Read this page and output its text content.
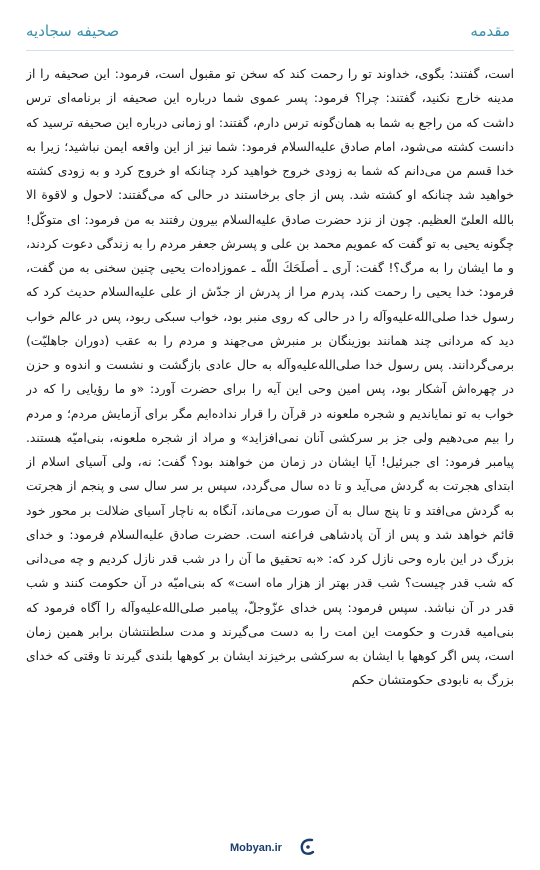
مقدمه
صحیفه سجادیه

است، گفتند: بگوی، خداوند تو را رحمت کند که سخن تو مقبول است، فرمود: این صحیفه را از مدینه خارج نکنید، گفتند: چرا؟ فرمود: پسر عموی شما درباره این صحیفه از برنامه‌ای ترس داشت که من راجع به شما به همان‌گونه ترس دارم، گفتند: او زمانی درباره این صحیفه ترسید که دانست کشته می‌شود، امام صادق علیه‌السلام فرمود: شما نیز از این واقعه ایمن نباشید؛ زیرا به خدا قسم من می‌دانم که شما به زودی خروج خواهید کرد چنانکه او خروج کرد و به زودی کشته خواهید شد چنانکه او کشته شد. پس از جای برخاستند در حالی که می‌گفتند: لاحول و لاقوة الا بالله العلیّ العظیم. چون از نزد حضرت صادق علیه‌السلام بیرون رفتند به من فرمود: ای متوکّل! چگونه یحیی به تو گفت که عمویم محمد بن علی و پسرش جعفر مردم را به زندگی دعوت کردند، و ما ایشان را به مرگ؟! گفت: آری ـ أصلَحَكَ اللّه ـ عموزاده‌ات یحیی چنین سخنی به من گفت، فرمود: خدا یحیی را رحمت کند، پدرم مرا از پدرش از جدّش از علی علیه‌السلام حدیث کرد که رسول خدا صلی‌الله‌علیه‌وآله را در حالی که روی منبر بود، خواب سبکی ربود، پس در عالم خواب دید که مردانی چند همانند بوزینگان بر منبرش می‌جهند و مردم را به عقب (دوران جاهلیّت) برمی‌گردانند. پس رسول خدا صلی‌الله‌علیه‌وآله به حال عادی بازگشت و نشست و اندوه و حزن در چهره‌اش آشکار بود، پس امین وحی این آیه را برای حضرت آورد: «و ما رؤیایی را که در خواب به تو نمایاندیم و شجره ملعونه در قرآن را قرار نداده‌ایم مگر برای آزمایش مردم؛ و مردم را بیم می‌دهیم ولی جز بر سرکشی آنان نمی‌افزاید» و مراد از شجره ملعونه، بنی‌امیّه هستند. پیامبر فرمود: ای جبرئیل! آیا ایشان در زمان من خواهند بود؟ گفت: نه، ولی آسیای اسلام از ابتدای هجرتت به گردش می‌آید و تا ده سال می‌گردد، سپس بر سر سال سی و پنجم از هجرتت به گردش می‌افتد و تا پنج سال به آن صورت می‌ماند، آنگاه به ناچار آسیای ضلالت بر محور خود قائم خواهد شد و پس از آن پادشاهی فراعنه است. حضرت صادق علیه‌السلام فرمود: و خدای بزرگ در این باره وحی نازل کرد که: «به تحقیق ما آن را در شب قدر نازل کردیم و چه می‌دانی که شب قدر چیست؟ شب قدر بهتر از هزار ماه است» که بنی‌امیّه در آن حکومت کنند و شب قدر در آن نباشد. سپس فرمود: پس خدای عزّوجلّ، پیامبر صلی‌الله‌علیه‌وآله را آگاه فرمود که بنی‌امیه قدرت و حکومت این امت را به دست می‌گیرند و مدت سلطنتشان برابر همین زمان است، پس اگر کوهها با ایشان به سرکشی برخیزند ایشان بر کوهها بلندی گیرند تا وقتی که خدای بزرگ به نابودی حکومتشان حکم

Mobyan.ir
